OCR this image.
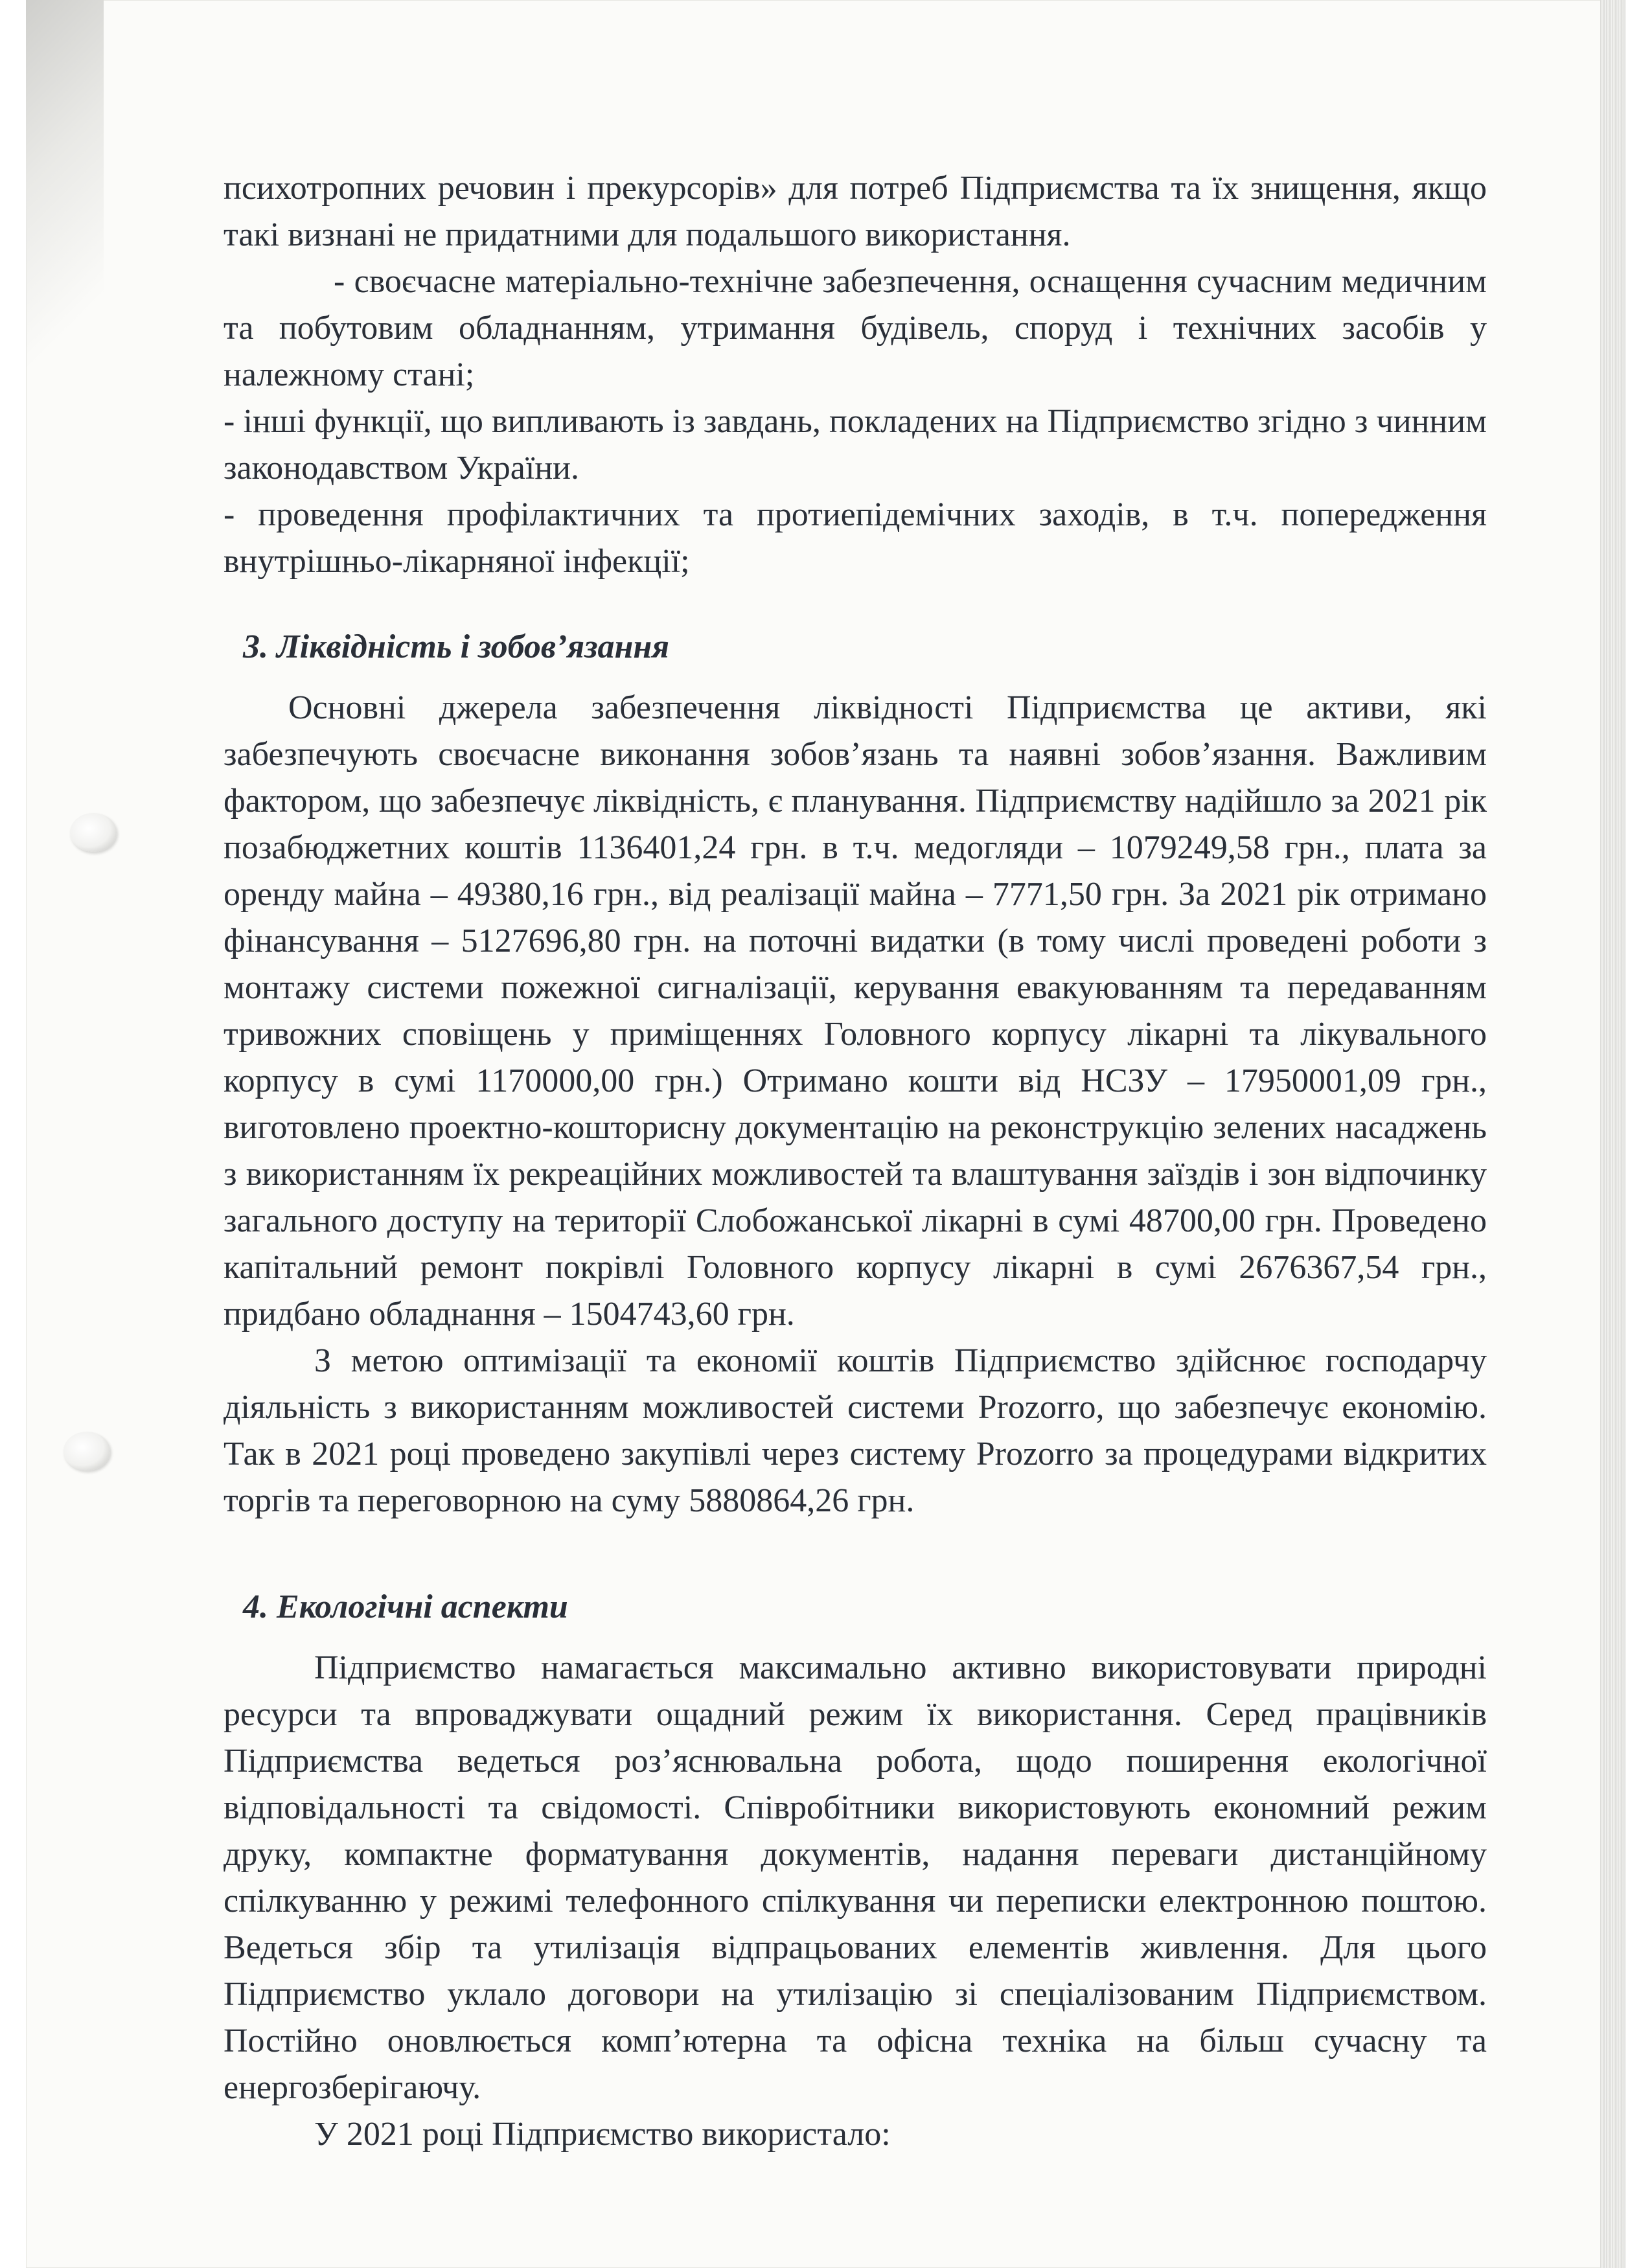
психотропних речовин і прекурсорів» для потреб Підприємства та їх знищення, якщо такі визнані не придатними для подальшого використання.

- своєчасне матеріально-технічне забезпечення, оснащення сучасним медичним та побутовим обладнанням, утримання будівель, споруд і технічних засобів у належному стані;

- інші функції, що випливають із завдань, покладених на Підприємство згідно з чинним законодавством України.

- проведення профілактичних та протиепідемічних заходів, в т.ч. попередження внутрішньо-лікарняної інфекції;

3. Ліквідність і зобов’язання

Основні джерела забезпечення ліквідності Підприємства це активи, які забезпечують своєчасне виконання зобов’язань та наявні зобов’язання. Важливим фактором, що забезпечує ліквідність, є планування. Підприємству надійшло за 2021 рік позабюджетних коштів 1136401,24 грн. в т.ч. медогляди – 1079249,58 грн., плата за оренду майна – 49380,16 грн., від реалізації майна – 7771,50 грн. За 2021 рік отримано фінансування – 5127696,80 грн. на поточні видатки (в тому числі проведені роботи з монтажу системи пожежної сигналізації, керування евакуюванням та передаванням тривожних сповіщень у приміщеннях Головного корпусу лікарні та лікувального корпусу в сумі 1170000,00 грн.) Отримано кошти від НСЗУ – 17950001,09 грн., виготовлено проектно-кошторисну документацію на реконструкцію зелених насаджень з використанням їх рекреаційних можливостей та влаштування заїздів і зон відпочинку загального доступу на території Слобожанської лікарні в сумі 48700,00 грн. Проведено капітальний ремонт покрівлі Головного корпусу лікарні в сумі 2676367,54 грн., придбано обладнання – 1504743,60 грн.

З метою оптимізації та економії коштів Підприємство здійснює господарчу діяльність з використанням можливостей системи Prozorro, що забезпечує економію. Так в 2021 році проведено закупівлі через систему Prozorro за процедурами відкритих торгів та переговорною на суму 5880864,26 грн.

4. Екологічні аспекти

Підприємство намагається максимально активно використовувати природні ресурси та впроваджувати ощадний режим їх використання. Серед працівників Підприємства ведеться роз’яснювальна робота, щодо поширення екологічної відповідальності та свідомості. Співробітники використовують економний режим друку, компактне форматування документів, надання переваги дистанційному спілкуванню у режимі телефонного спілкування чи переписки електронною поштою. Ведеться збір та утилізація відпрацьованих елементів живлення. Для цього Підприємство уклало договори на утилізацію зі спеціалізованим Підприємством. Постійно оновлюється комп’ютерна та офісна техніка на більш сучасну та енергозберігаючу.

У 2021 році Підприємство використало:
